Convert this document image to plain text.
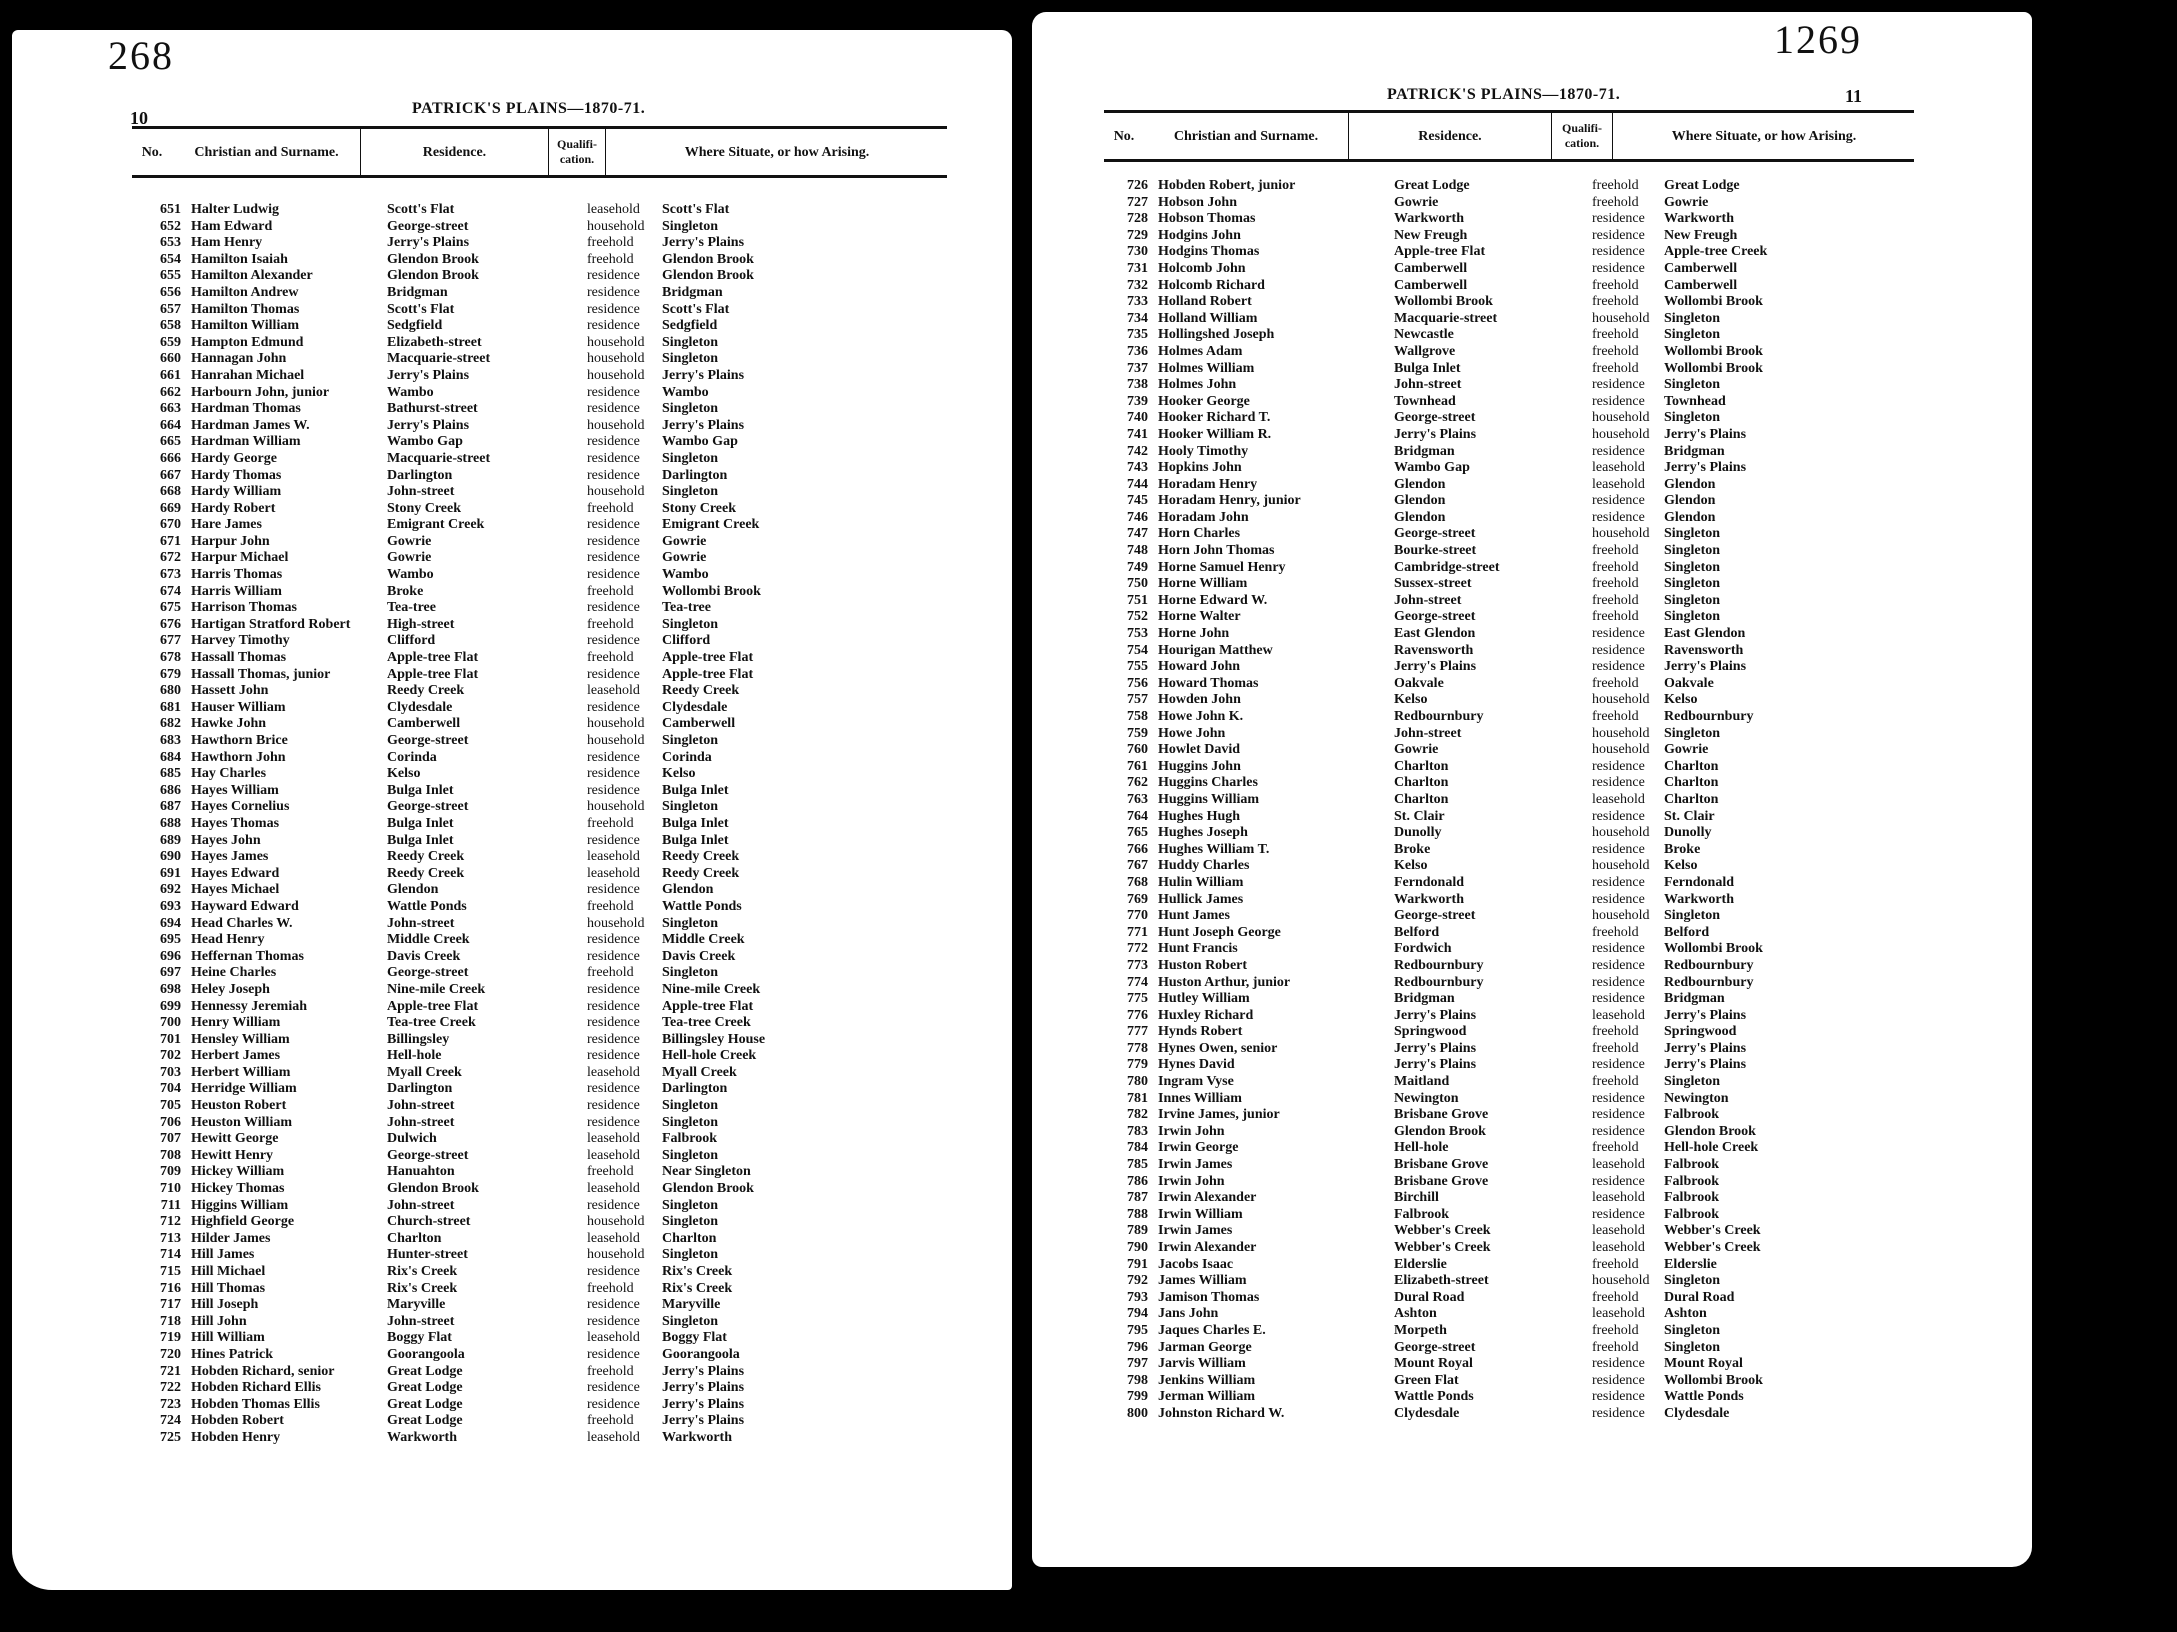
268
10	PATRICK'S PLAINS—1870-71.
No.	Christian and Surname.	Residence.
Qualifi-cation.	Where Situate, or how Arising.
651 Halter Ludwig	Scott's Flat	leasehold Scott's Flat
652 Ham Edward	George-street	household Singleton
653 Ham Henry	Jerry's Plains	freehold Jerry's Plains
654 Hamilton Isaiah	Glendon Brook	freehold Glendon Brook
655 Hamilton Alexander	Glendon Brook	residence Glendon Brook
656 Hamilton Andrew	Bridgman	residence Bridgman
657 Hamilton Thomas	Scott's Flat	residence Scott's Flat
658 Hamilton William	Sedgfield	residence Sedgfield
659 Hampton Edmund	Elizabeth-street	household Singleton
660 Hannagan John	Macquarie-street	household Singleton
661 Hanrahan Michael	Jerry's Plains	household Jerry's Plains
662 Harbourn John, junior	Wambo	residence Wambo
663 Hardman Thomas	Bathurst-street	residence Singleton
664 Hardman James W.	Jerry's Plains	household Jerry's Plains
665 Hardman William	Wambo Gap	residence Wambo Gap
666 Hardy George	Macquarie-street	residence Singleton
667 Hardy Thomas	Darlington	residence Darlington
668 Hardy William	John-street	household Singleton
669 Hardy Robert	Stony Creek	freehold Stony Creek
670 Hare James	Emigrant Creek	residence Emigrant Creek
671 Harpur John	Gowrie	residence Gowrie
672 Harpur Michael	Gowrie	residence Gowrie
673 Harris Thomas	Wambo	residence Wambo
674 Harris William	Broke	freehold Wollombi Brook
675 Harrison Thomas	Tea-tree	residence Tea-tree
676 Hartigan Stratford Robert	High-street	freehold Singleton
677 Harvey Timothy	Clifford	residence Clifford
678 Hassall Thomas	Apple-tree Flat	freehold Apple-tree Flat
679 Hassall Thomas, junior	Apple-tree Flat	residence Apple-tree Flat
680 Hassett John	Reedy Creek	leasehold Reedy Creek
681 Hauser William	Clydesdale	residence Clydesdale
682 Hawke John	Camberwell	household Camberwell
683 Hawthorn Brice	George-street	household Singleton
684 Hawthorn John	Corinda	residence Corinda
685 Hay Charles	Kelso	residence Kelso
686 Hayes William	Bulga Inlet	residence Bulga Inlet
687 Hayes Cornelius	George-street	household Singleton
688 Hayes Thomas	Bulga Inlet	freehold Bulga Inlet
689 Hayes John	Bulga Inlet	residence Bulga Inlet
690 Hayes James	Reedy Creek	leasehold Reedy Creek
691 Hayes Edward	Reedy Creek	leasehold Reedy Creek
692 Hayes Michael	Glendon	residence Glendon
693 Hayward Edward	Wattle Ponds	freehold Wattle Ponds
694 Head Charles W.	John-street	household Singleton
695 Head Henry	Middle Creek	residence Middle Creek
696 Heffernan Thomas	Davis Creek	residence Davis Creek
697 Heine Charles	George-street	freehold Singleton
698 Heley Joseph	Nine-mile Creek	residence Nine-mile Creek
699 Hennessy Jeremiah	Apple-tree Flat	residence Apple-tree Flat
700 Henry William	Tea-tree Creek	residence Tea-tree Creek
701 Hensley William	Billingsley	residence Billingsley House
702 Herbert James	Hell-hole	residence Hell-hole Creek
703 Herbert William	Myall Creek	leasehold Myall Creek
704 Herridge William	Darlington	residence Darlington
705 Heuston Robert	John-street	residence Singleton
706 Heuston William	John-street	residence Singleton
707 Hewitt George	Dulwich	leasehold Falbrook
708 Hewitt Henry	George-street	leasehold Singleton
709 Hickey William	Hanuahton	freehold Near Singleton
710 Hickey Thomas	Glendon Brook	leasehold Glendon Brook
711 Higgins William	John-street	residence Singleton
712 Highfield George	Church-street	household Singleton
713 Hilder James	Charlton	leasehold Charlton
714 Hill James	Hunter-street	household Singleton
715 Hill Michael	Rix's Creek	residence Rix's Creek
716 Hill Thomas	Rix's Creek	freehold Rix's Creek
717 Hill Joseph	Maryville	residence Maryville
718 Hill John	John-street	residence Singleton
719 Hill William	Boggy Flat	leasehold Boggy Flat
720 Hines Patrick	Goorangoola	residence Goorangoola
721 Hobden Richard, senior	Great Lodge	freehold Jerry's Plains
722 Hobden Richard Ellis	Great Lodge	residence Jerry's Plains
723 Hobden Thomas Ellis	Great Lodge	residence Jerry's Plains
724 Hobden Robert	Great Lodge	freehold Jerry's Plains
725 Hobden Henry	Warkworth	leasehold Warkworth
1269
11
PATRICK'S PLAINS—1870-71.
No.	Christian and Surname.	Residence.
Qualifi-cation.	Where Situate, or how Arising.
726 Hobden Robert, junior	Great Lodge	freehold Great Lodge
727 Hobson John	Gowrie	freehold Gowrie
728 Hobson Thomas	Warkworth	residence Warkworth
729 Hodgins John	New Freugh	residence New Freugh
730 Hodgins Thomas	Apple-tree Flat	residence Apple-tree Creek
731 Holcomb John	Camberwell	residence Camberwell
732 Holcomb Richard	Camberwell	freehold Camberwell
733 Holland Robert	Wollombi Brook	freehold Wollombi Brook
734 Holland William	Macquarie-street	household Singleton
735 Hollingshed Joseph	Newcastle	freehold Singleton
736 Holmes Adam	Wallgrove	freehold Wollombi Brook
737 Holmes William	Bulga Inlet	freehold Wollombi Brook
738 Holmes John	John-street	residence Singleton
739 Hooker George	Townhead	residence Townhead
740 Hooker Richard T.	George-street	household Singleton
741 Hooker William R.	Jerry's Plains	household Jerry's Plains
742 Hooly Timothy	Bridgman	residence Bridgman
743 Hopkins John	Wambo Gap	leasehold Jerry's Plains
744 Horadam Henry	Glendon	leasehold Glendon
745 Horadam Henry, junior	Glendon	residence Glendon
746 Horadam John	Glendon	residence Glendon
747 Horn Charles	George-street	household Singleton
748 Horn John Thomas	Bourke-street	freehold Singleton
749 Horne Samuel Henry	Cambridge-street	freehold Singleton
750 Horne William	Sussex-street	freehold Singleton
751 Horne Edward W.	John-street	freehold Singleton
752 Horne Walter	George-street	freehold Singleton
753 Horne John	East Glendon	residence East Glendon
754 Hourigan Matthew	Ravensworth	residence Ravensworth
755 Howard John	Jerry's Plains	residence Jerry's Plains
756 Howard Thomas	Oakvale	freehold Oakvale
757 Howden John	Kelso	household Kelso
758 Howe John K.	Redbournbury	freehold Redbournbury
759 Howe John	John-street	household Singleton
760 Howlet David	Gowrie	household Gowrie
761 Huggins John	Charlton	residence Charlton
762 Huggins Charles	Charlton	residence Charlton
763 Huggins William	Charlton	leasehold Charlton
764 Hughes Hugh	St. Clair	residence St. Clair
765 Hughes Joseph	Dunolly	household Dunolly
766 Hughes William T.	Broke	residence Broke
767 Huddy Charles	Kelso	household Kelso
768 Hulin William	Ferndonald	residence Ferndonald
769 Hullick James	Warkworth	residence Warkworth
770 Hunt James	George-street	household Singleton
771 Hunt Joseph George	Belford	freehold Belford
772 Hunt Francis	Fordwich	residence Wollombi Brook
773 Huston Robert	Redbournbury	residence Redbournbury
774 Huston Arthur, junior	Redbournbury	residence Redbournbury
775 Hutley William	Bridgman	residence Bridgman
776 Huxley Richard	Jerry's Plains	leasehold Jerry's Plains
777 Hynds Robert	Springwood	freehold Springwood
778 Hynes Owen, senior	Jerry's Plains	freehold Jerry's Plains
779 Hynes David	Jerry's Plains	residence Jerry's Plains
780 Ingram Vyse	Maitland	freehold Singleton
781 Innes William	Newington	residence Newington
782 Irvine James, junior	Brisbane Grove	residence Falbrook
783 Irwin John	Glendon Brook	residence Glendon Brook
784 Irwin George	Hell-hole	freehold Hell-hole Creek
785 Irwin James	Brisbane Grove	leasehold Falbrook
786 Irwin John	Brisbane Grove	residence Falbrook
787 Irwin Alexander	Birchill	leasehold Falbrook
788 Irwin William	Falbrook	residence Falbrook
789 Irwin James	Webber's Creek	leasehold Webber's Creek
790 Irwin Alexander	Webber's Creek	leasehold Webber's Creek
791 Jacobs Isaac	Elderslie	freehold Elderslie
792 James William	Elizabeth-street	household Singleton
793 Jamison Thomas	Dural Road	freehold Dural Road
794 Jans John	Ashton	leasehold Ashton
795 Jaques Charles E.	Morpeth	freehold Singleton
796 Jarman George	George-street	freehold Singleton
797 Jarvis William	Mount Royal	residence Mount Royal
798 Jenkins William	Green Flat	residence Wollombi Brook
799 Jerman William	Wattle Ponds	residence Wattle Ponds
800 Johnston Richard W.	Clydesdale	residence Clydesdale
